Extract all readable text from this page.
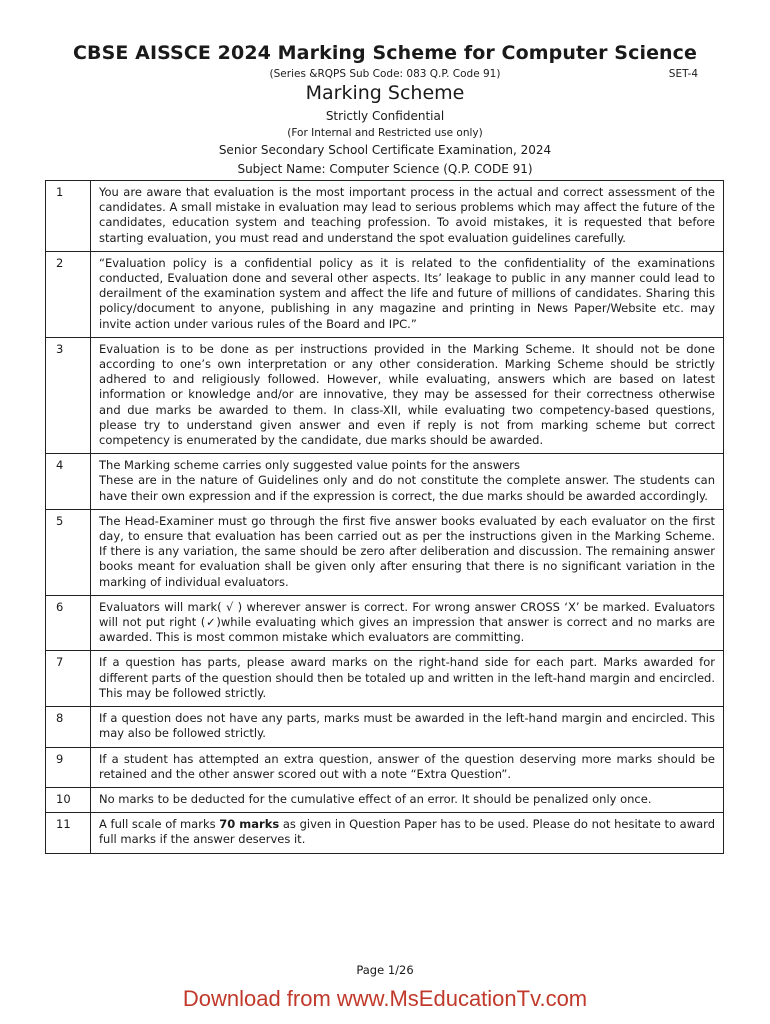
CBSE AISSCE 2024 Marking Scheme for Computer Science
(Series &RQPS Sub Code: 083 Q.P. Code 91)	SET-4
Marking Scheme
Strictly Confidential
(For Internal and Restricted use only)
Senior Secondary School Certificate Examination, 2024
Subject Name: Computer Science (Q.P. CODE 91)
1	You are aware that evaluation is the most important process in the actual and correct assessment of the candidates. A small mistake in evaluation may lead to serious problems which may affect the future of the candidates, education system and teaching profession. To avoid mistakes, it is requested that before starting evaluation, you must read and understand the spot evaluation guidelines carefully.
2	“Evaluation policy is a confidential policy as it is related to the confidentiality of the examinations conducted, Evaluation done and several other aspects. Its’ leakage to public in any manner could lead to derailment of the examination system and affect the life and future of millions of candidates. Sharing this policy/document to anyone, publishing in any magazine and printing in News Paper/Website etc. may invite action under various rules of the Board and IPC.”
3	Evaluation is to be done as per instructions provided in the Marking Scheme. It should not be done according to one’s own interpretation or any other consideration. Marking Scheme should be strictly adhered to and religiously followed. However, while evaluating, answers which are based on latest information or knowledge and/or are innovative, they may be assessed for their correctness otherwise and due marks be awarded to them. In class-XII, while evaluating two competency-based questions, please try to understand given answer and even if reply is not from marking scheme but correct competency is enumerated by the candidate, due marks should be awarded.
4	The Marking scheme carries only suggested value points for the answers
These are in the nature of Guidelines only and do not constitute the complete answer. The students can have their own expression and if the expression is correct, the due marks should be awarded accordingly.

5	The Head-Examiner must go through the first five answer books evaluated by each evaluator on the first day, to ensure that evaluation has been carried out as per the instructions given in the Marking Scheme. If there is any variation, the same should be zero after deliberation and discussion. The remaining answer books meant for evaluation shall be given only after ensuring that there is no significant variation in the marking of individual evaluators.
6	Evaluators will mark( √ ) wherever answer is correct. For wrong answer CROSS ‘X’ be marked. Evaluators will not put right (✓)while evaluating which gives an impression that answer is correct and no marks are awarded. This is most common mistake which evaluators are committing.
7	If a question has parts, please award marks on the right-hand side for each part. Marks awarded for different parts of the question should then be totaled up and written in the left-hand margin and encircled. This may be followed strictly.
8	If a question does not have any parts, marks must be awarded in the left-hand margin and encircled. This may also be followed strictly.
9	If a student has attempted an extra question, answer of the question deserving more marks should be retained and the other answer scored out with a note “Extra Question”.
10	No marks to be deducted for the cumulative effect of an error. It should be penalized only once.
11	A full scale of marks 70 marks as given in Question Paper has to be used. Please do not hesitate to award full marks if the answer deserves it.
Page 1/26
Download from www.MsEducationTv.com
